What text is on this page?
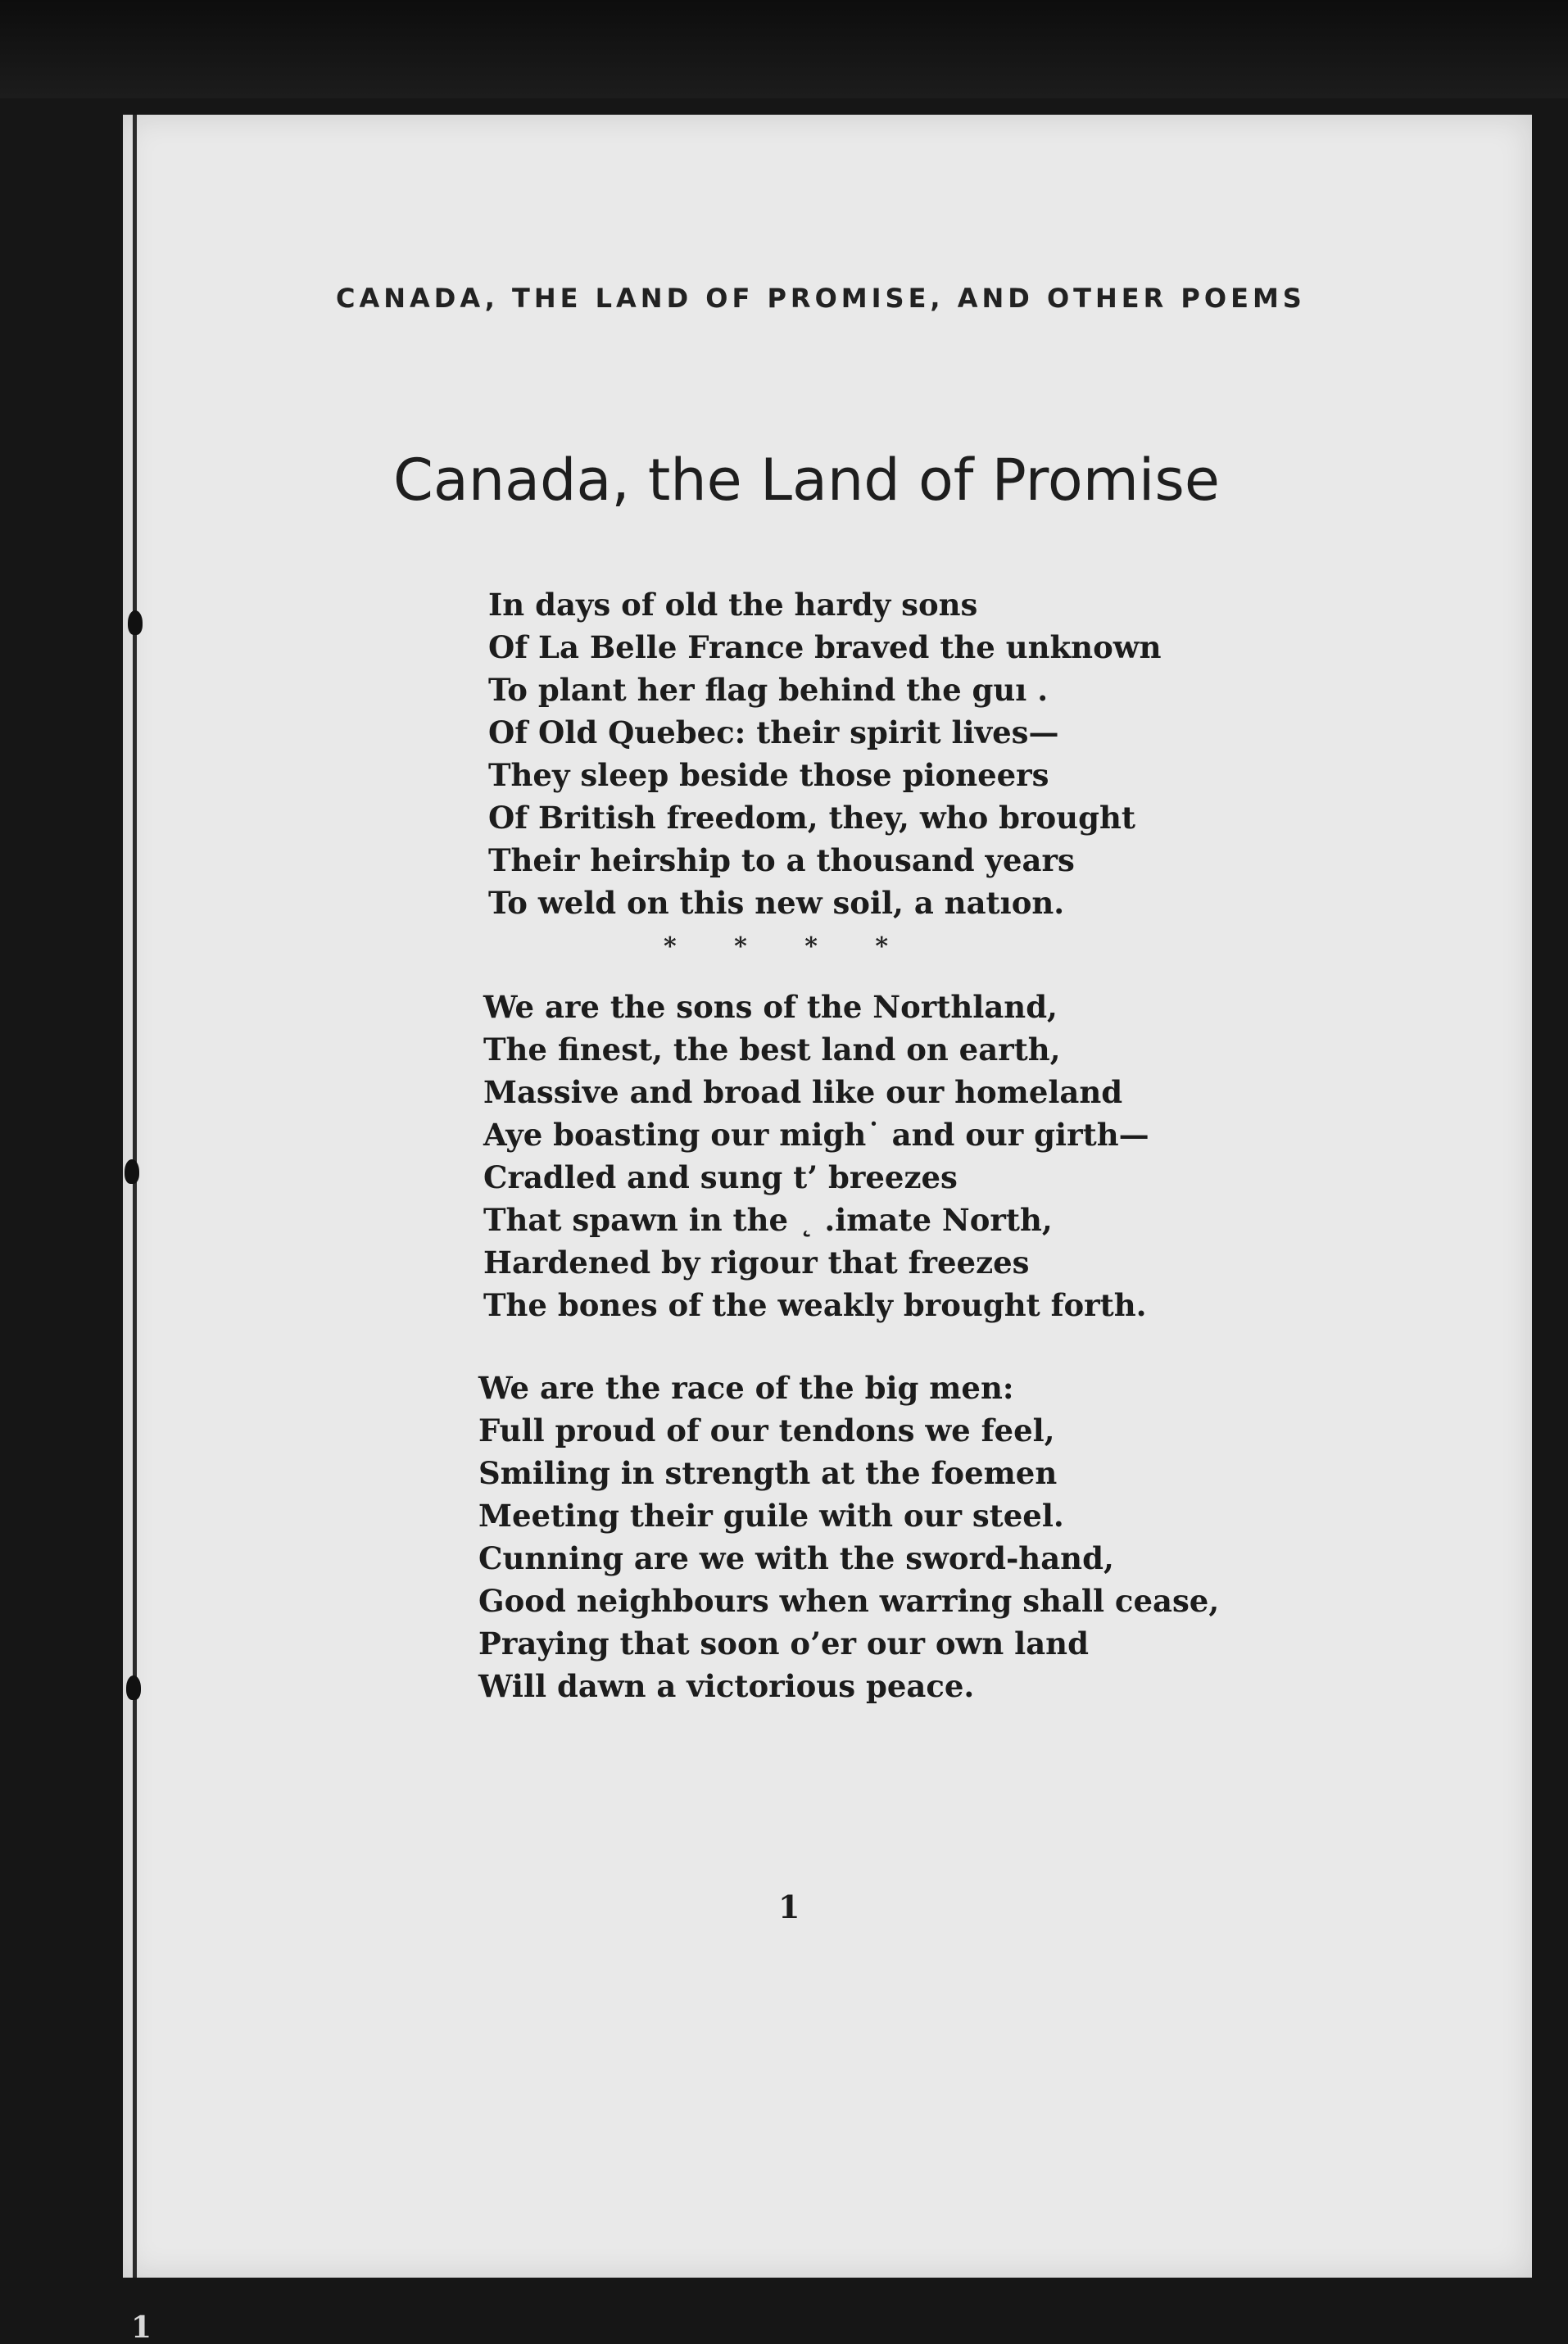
CANADA, THE LAND OF PROMISE, AND OTHER POEMS
Canada, the Land of Promise
In days of old the hardy sons
Of La Belle France braved the unknown
To plant her flag behind the guı .
Of Old Quebec: their spirit lives—
They sleep beside those pioneers
Of British freedom, they, who brought
Their heirship to a thousand years
To weld on this new soil, a natıon.
* * * *
We are the sons of the Northland,
The finest, the best land on earth,
Massive and broad like our homeland
Aye boasting our migh˙ and our girth—
Cradled and sung t’ breezes
That spawn in the ˛ .imate North,
Hardened by rigour that freezes
The bones of the weakly brought forth.
We are the race of the big men:
Full proud of our tendons we feel,
Smiling in strength at the foemen
Meeting their guile with our steel.
Cunning are we with the sword-hand,
Good neighbours when warring shall cease,
Praying that soon o’er our own land
Will dawn a victorious peace.
1
1
